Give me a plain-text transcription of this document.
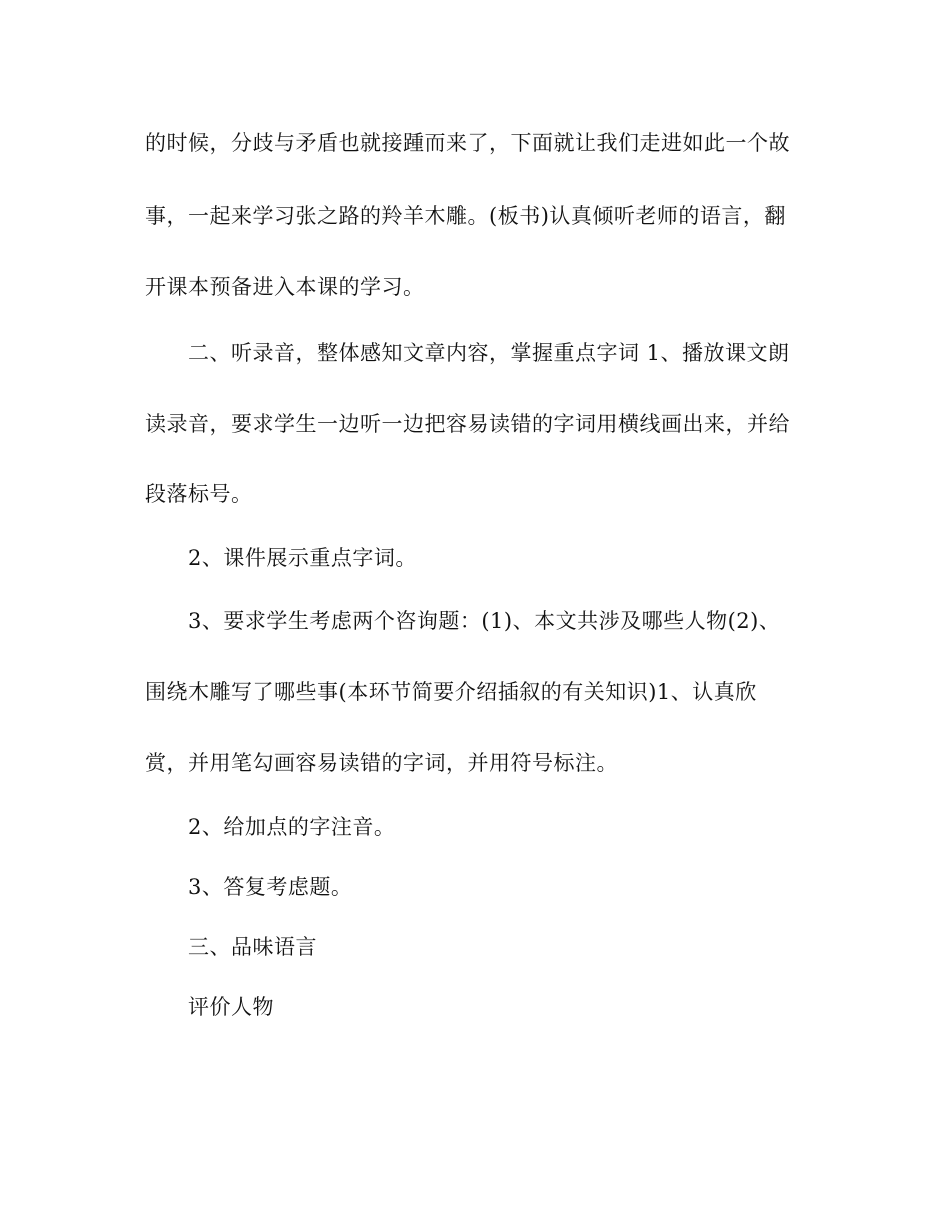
的时候，分歧与矛盾也就接踵而来了，下面就让我们走进如此一个故
事，一起来学习张之路的羚羊木雕。(板书)认真倾听老师的语言，翻
开课本预备进入本课的学习。
二、听录音，整体感知文章内容，掌握重点字词 1、播放课文朗
读录音，要求学生一边听一边把容易读错的字词用横线画出来，并给
段落标号。
2、课件展示重点字词。
3、要求学生考虑两个咨询题：(1)、本文共涉及哪些人物(2)、
围绕木雕写了哪些事(本环节简要介绍插叙的有关知识)1、认真欣
赏，并用笔勾画容易读错的字词，并用符号标注。
2、给加点的字注音。
3、答复考虑题。
三、品味语言
评价人物
